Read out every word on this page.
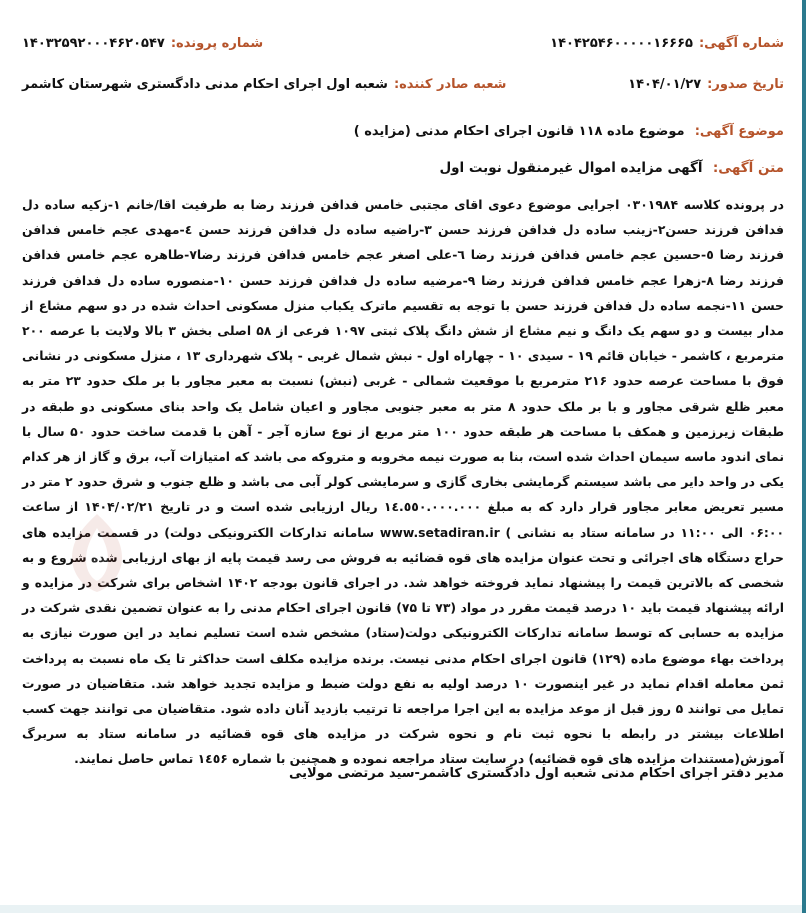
شماره آگهی:
۱۴۰۴۲۵۴۶۰۰۰۰۰۱۶۶۶۵
شماره پرونده:
۱۴۰۳۲۵۹۲۰۰۰۴۶۲۰۵۴۷
تاریخ صدور:
۱۴۰۴/۰۱/۲۷
شعبه صادر کننده:
شعبه اول اجرای احکام مدنی دادگستری شهرستان کاشمر
موضوع آگهی: موضوع ماده ۱۱۸ قانون اجرای احکام مدنی (مزایده )
متن آگهی: آگهی مزایده اموال غیرمنقول نوبت اول
در پرونده کلاسه ۰۳۰۱۹۸۴ اجرایی موضوع دعوی اقای مجتبی خامس فدافن فرزند رضا به طرفیت اقا/خانم ۱-زکیه ساده دل فدافن فرزند حسن۲-زینب ساده دل فدافن فرزند حسن ۳-راضیه ساده دل فدافن فرزند حسن ٤-مهدی عجم خامس فدافن فرزند رضا ٥-حسین عجم خامس فدافن فرزند رضا ٦-علی اصغر عجم خامس فدافن فرزند رضا۷-طاهره عجم خامس فدافن فرزند رضا ۸-زهرا عجم خامس فدافن فرزند رضا ۹-مرضیه ساده دل فدافن فرزند حسن ۱۰-منصوره ساده دل فدافن فرزند حسن ۱۱-نجمه ساده دل فدافن فرزند حسن با توجه به تقسیم ماترک یکباب منزل مسکونی احداث شده در دو سهم مشاع از مدار بیست و دو سهم یک دانگ و نیم مشاع از شش دانگ پلاک ثبتی ۱۰۹۷ فرعی از ۵۸ اصلی بخش ۳ بالا ولایت با عرصه ۲۰۰ مترمربع ، کاشمر - خیابان قائم ۱۹ - سیدی ۱۰ - چهاراه اول - نبش شمال غربی - پلاک شهرداری ۱۳ ، منزل مسکونی در نشانی فوق با مساحت عرصه حدود ۲۱۶ مترمربع با موقعیت شمالی - غربی (نبش) نسبت به معبر مجاور با بر ملک حدود ۲۳ متر به معبر ظلع شرقی مجاور و با بر ملک حدود ۸ متر به معبر جنوبی مجاور و اعیان شامل یک واحد بنای مسکونی دو طبقه در طبقات زیرزمین و همکف با مساحت هر طبقه حدود ۱۰۰ متر مربع از نوع سازه آجر - آهن با قدمت ساخت حدود ۵۰ سال با نمای اندود ماسه سیمان احداث شده است، بنا به صورت نیمه مخروبه و متروکه می باشد که امتیازات آب، برق و گاز از هر کدام یکی در واحد دایر می باشد سیستم گرمایشی بخاری گازی و سرمایشی کولر آبی می باشد و ظلع جنوب و شرق حدود ۲ متر در مسیر تعریض معابر مجاور قرار دارد که به مبلغ ۱٤.٥٥۰.۰۰۰.۰۰۰ ریال ارزیابی شده است و در تاریخ ۱۴۰۴/۰۲/۲۱ از ساعت ۰۶:۰۰ الی ۱۱:۰۰ در سامانه ستاد به نشانی ) www.setadiran.ir سامانه تدارکات الکترونیکی دولت) در قسمت مزایده های حراج دستگاه های اجرائی و تحت عنوان مزایده های قوه قضائیه به فروش می رسد قیمت پایه از بهای ارزیابی شده شروع و به شخصی که بالاترین قیمت را پیشنهاد نماید فروخته خواهد شد. در اجرای قانون بودجه ۱۴۰۲ اشخاص برای شرکت در مزایده و ارائه پیشنهاد قیمت باید ۱۰ درصد قیمت مقرر در مواد (۷۳ تا ۷۵) قانون اجرای احکام مدنی را به عنوان تضمین نقدی شرکت در مزایده به حسابی که توسط سامانه تدارکات الکترونیکی دولت(ستاد) مشخص شده است تسلیم نماید در این صورت نیازی به پرداخت بهاء موضوع ماده (۱۲۹) قانون اجرای احکام مدنی نیست. برنده مزایده مکلف است حداکثر تا یک ماه نسبت به پرداخت ثمن معامله اقدام نماید در غیر اینصورت ۱۰ درصد اولیه به نفع دولت ضبط و مزایده تجدید خواهد شد. متقاضیان در صورت تمایل می توانند ۵ روز قبل از موعد مزایده به این اجرا مراجعه تا ترتیب بازدید آنان داده شود. متقاضیان می توانند جهت کسب اطلاعات بیشتر در رابطه با نحوه ثبت نام و نحوه شرکت در مزایده های قوه قضائیه در سامانه ستاد به سربرگ آموزش(مستندات مزایده های قوه قضائیه) در سایت ستاد مراجعه نموده و همچنین با شماره ۱٤٥۶ تماس حاصل نمایند.
مدیر دفتر اجرای احکام مدنی شعبه اول دادگستری کاشمر-سید مرتضی مولایی
